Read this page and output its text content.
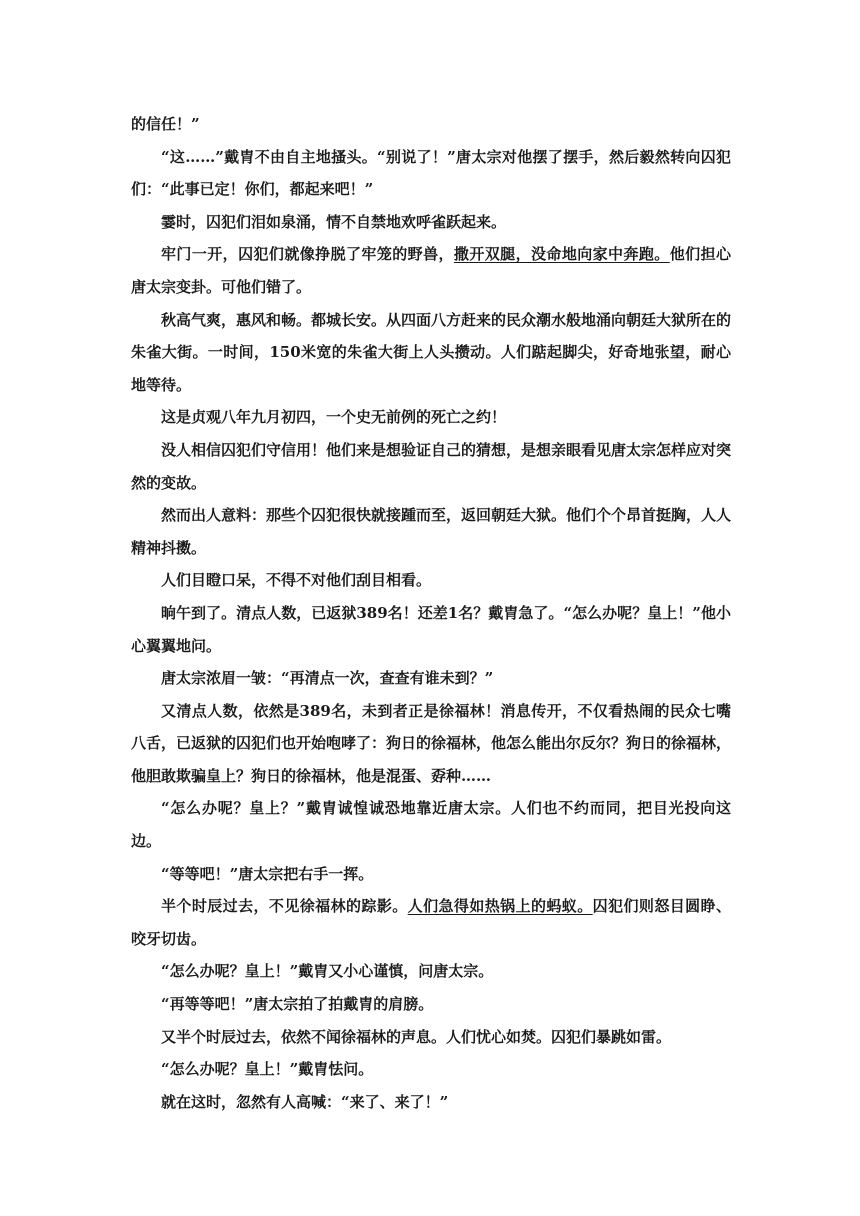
的信任！”

“这……”戴胄不由自主地搔头。“别说了！”唐太宗对他摆了摆手，然后毅然转向囚犯们：“此事已定！你们，都起来吧！”

霎时，囚犯们泪如泉涌，情不自禁地欢呼雀跃起来。

牢门一开，囚犯们就像挣脱了牢笼的野兽，撒开双腿，没命地向家中奔跑。他们担心唐太宗变卦。可他们错了。

秋高气爽，惠风和畅。都城长安。从四面八方赶来的民众潮水般地涌向朝廷大狱所在的朱雀大街。一时间，150米宽的朱雀大街上人头攒动。人们踮起脚尖，好奇地张望，耐心地等待。

这是贞观八年九月初四，一个史无前例的死亡之约！

没人相信囚犯们守信用！他们来是想验证自己的猜想，是想亲眼看见唐太宗怎样应对突然的变故。

然而出人意料：那些个囚犯很快就接踵而至，返回朝廷大狱。他们个个昂首挺胸，人人精神抖擞。

人们目瞪口呆，不得不对他们刮目相看。

晌午到了。清点人数，已返狱389名！还差1名？戴胄急了。“怎么办呢？皇上！”他小心翼翼地问。

唐太宗浓眉一皱：“再清点一次，查查有谁未到？”

又清点人数，依然是389名，未到者正是徐福林！消息传开，不仅看热闹的民众七嘴八舌，已返狱的囚犯们也开始咆哮了：狗日的徐福林，他怎么能出尔反尔？狗日的徐福林，他胆敢欺骗皇上？狗日的徐福林，他是混蛋、孬种……

“怎么办呢？皇上？”戴胄诚惶诚恐地靠近唐太宗。人们也不约而同，把目光投向这边。

“等等吧！”唐太宗把右手一挥。

半个时辰过去，不见徐福林的踪影。人们急得如热锅上的蚂蚁。囚犯们则怒目圆睁、咬牙切齿。

“怎么办呢？皇上！”戴胄又小心谨慎，问唐太宗。

“再等等吧！”唐太宗拍了拍戴胄的肩膀。

又半个时辰过去，依然不闻徐福林的声息。人们忧心如焚。囚犯们暴跳如雷。

“怎么办呢？皇上！”戴胄怯问。

就在这时，忽然有人高喊：“来了、来了！”
